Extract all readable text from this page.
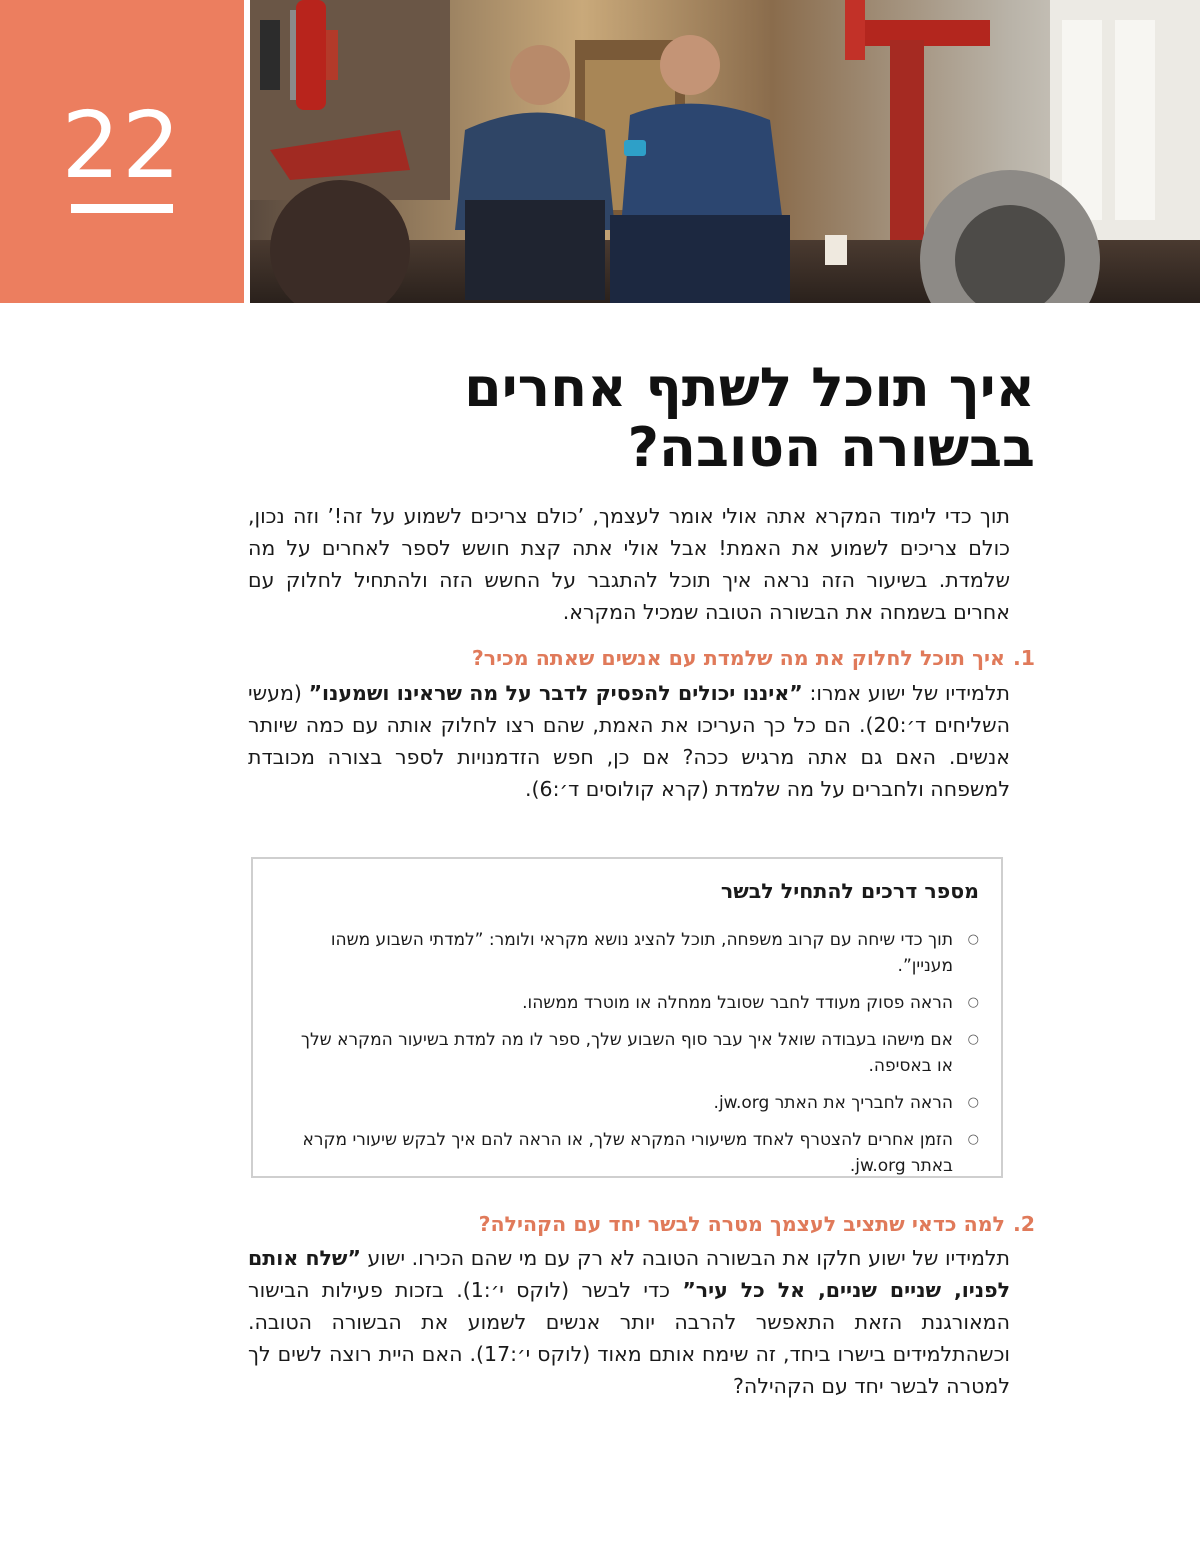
22
איך תוכל לשתף אחרים
בבשורה הטובה?

תוך כדי לימוד המקרא אתה אולי אומר לעצמך, ’כולם צריכים לשמוע על זה!’ וזה נכון, כולם צריכים לשמוע את האמת! אבל אולי אתה קצת חושש לספר לאחרים על מה שלמדת. בשיעור הזה נראה איך תוכל להתגבר על החשש הזה ולהתחיל לחלוק עם אחרים בשמחה את הבשורה הטובה שמכיל המקרא.

1.איך תוכל לחלוק את מה שלמדת עם אנשים שאתה מכיר?

תלמידיו של ישוע אמרו: ”איננו יכולים להפסיק לדבר על מה שראינו ושמענו” (מעשי השליחים ד׳:20). הם כל כך העריכו את האמת, שהם רצו לחלוק אותה עם כמה שיותר אנשים. האם גם אתה מרגיש ככה? אם כן, חפש הזדמנויות לספר בצורה מכובדת למשפחה ולחברים על מה שלמדת (קרא קולוסים ד׳:6).

מספר דרכים להתחיל לבשר
○
תוך כדי שיחה עם קרוב משפחה, תוכל להציג נושא מקראי ולומר: ”למדתי השבוע משהו מעניין”.
○
הראה פסוק מעודד לחבר שסובל ממחלה או מוטרד ממשהו.
○
אם מישהו בעבודה שואל איך עבר סוף השבוע שלך, ספר לו מה למדת בשיעור המקרא שלך או באסיפה.
○
הראה לחבריך את האתר jw.org.
○
הזמן אחרים להצטרף לאחד משיעורי המקרא שלך, או הראה להם איך לבקש שיעורי מקרא באתר jw.org.
2.למה כדאי שתציב לעצמך מטרה לבשר יחד עם הקהילה?

תלמידיו של ישוע חלקו את הבשורה הטובה לא רק עם מי שהם הכירו. ישוע ”שלח אותם לפניו, שניים שניים, אל כל עיר” כדי לבשר (לוקס י׳:1). בזכות פעילות הבישור המאורגנת הזאת התאפשר להרבה יותר אנשים לשמוע את הבשורה הטובה. וכשהתלמידים בישרו ביחד, זה שימח אותם מאוד (לוקס י׳:17). האם היית רוצה לשים לך למטרה לבשר יחד עם הקהילה?
